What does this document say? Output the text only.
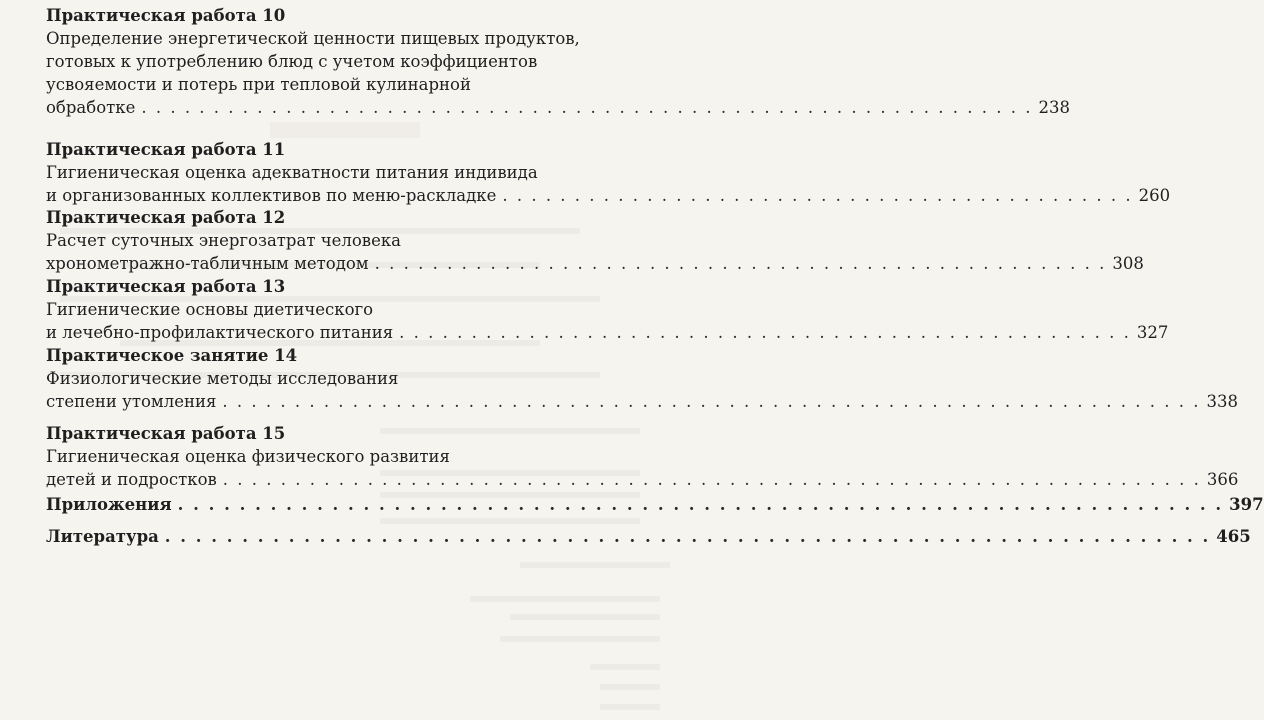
Практическая работа 10
Определение энергетической ценности пищевых продуктов,
готовых к употреблению блюд с учетом коэффициентов
усвояемости и потерь при тепловой кулинарной
обработке . . . . . . . . . . . . . . . . . . . . . . . . . . . . . . . . . . . . . . . . . . . . . . . . . . . . . . . . . . . . . . 238
Практическая работа 11
Гигиеническая оценка адекватности питания индивида
и организованных коллективов по меню-раскладке . . . . . . . . . . . . . . . . . . . . . . . . . . . . . . . . . . . . . . . . . . . . 260
Практическая работа 12
Расчет суточных энергозатрат человека
хронометражно-табличным методом . . . . . . . . . . . . . . . . . . . . . . . . . . . . . . . . . . . . . . . . . . . . . . . . . . . 308
Практическая работа 13
Гигиенические основы диетического
и лечебно-профилактического питания . . . . . . . . . . . . . . . . . . . . . . . . . . . . . . . . . . . . . . . . . . . . . . . . . . . 327
Практическое занятие 14
Физиологические методы исследования
степени утомления . . . . . . . . . . . . . . . . . . . . . . . . . . . . . . . . . . . . . . . . . . . . . . . . . . . . . . . . . . . . . . . . . . . . 338
Практическая работа 15
Гигиеническая оценка физического развития
детей и подростков . . . . . . . . . . . . . . . . . . . . . . . . . . . . . . . . . . . . . . . . . . . . . . . . . . . . . . . . . . . . . . . . . . . . 366
Приложения . . . . . . . . . . . . . . . . . . . . . . . . . . . . . . . . . . . . . . . . . . . . . . . . . . . . . . . . . . . . . . . . . . . . 397
Литература . . . . . . . . . . . . . . . . . . . . . . . . . . . . . . . . . . . . . . . . . . . . . . . . . . . . . . . . . . . . . . . . . . . . 465
